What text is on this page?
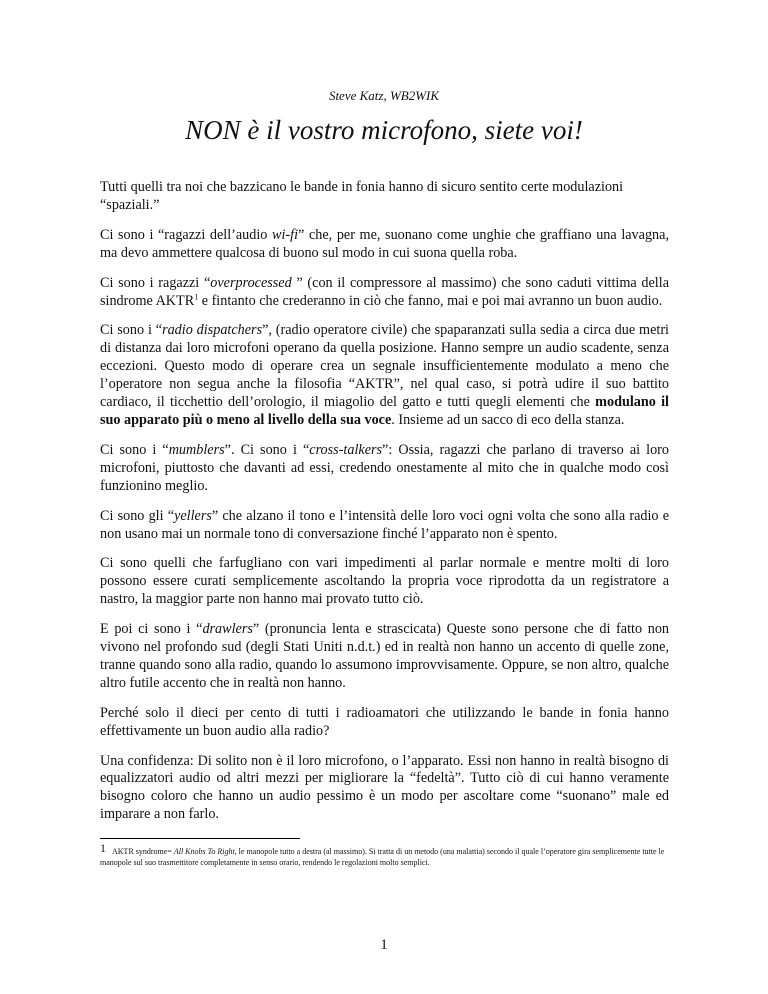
Steve Katz, WB2WIK
NON è il vostro microfono, siete voi!

Tutti quelli tra noi che bazzicano le bande in fonia hanno di sicuro sentito certe modulazioni “spaziali.”

Ci sono i “ragazzi dell’audio wi-fi” che, per me, suonano come unghie che graffiano una lavagna, ma devo ammettere qualcosa di buono sul modo in cui suona quella roba.

Ci sono i ragazzi “overprocessed ” (con il compressore al massimo) che sono caduti vittima della sindrome AKTR$^1$ e fintanto che crederanno in ciò che fanno, mai e poi mai avranno un buon audio.

Ci sono i “radio dispatchers”, (radio operatore civile) che spaparanzati sulla sedia a circa due metri di distanza dai loro microfoni operano da quella posizione. Hanno sempre un audio scadente, senza eccezioni. Questo modo di operare crea un segnale insufficientemente modulato a meno che l’operatore non segua anche la filosofia “AKTR”, nel qual caso, si potrà udire il suo battito cardiaco, il ticchettio dell’orologio, il miagolio del gatto e tutti quegli elementi che modulano il suo apparato più o meno al livello della sua voce. Insieme ad un sacco di eco della stanza.

Ci sono i “mumblers”. Ci sono i “cross-talkers”: Ossia, ragazzi che parlano di traverso ai loro microfoni, piuttosto che davanti ad essi, credendo onestamente al mito che in qualche modo così funzionino meglio.

Ci sono gli “yellers” che alzano il tono e l’intensità delle loro voci ogni volta che sono alla radio e non usano mai un normale tono di conversazione finché l’apparato non è spento.

Ci sono quelli che farfugliano con vari impedimenti al parlar normale e mentre molti di loro possono essere curati semplicemente ascoltando la propria voce riprodotta da un registratore a nastro, la maggior parte non hanno mai provato tutto ciò.

E poi ci sono i “drawlers” (pronuncia lenta e strascicata) Queste sono persone che di fatto non vivono nel profondo sud (degli Stati Uniti n.d.t.) ed in realtà non hanno un accento di quelle zone, tranne quando sono alla radio, quando lo assumono improvvisamente. Oppure, se non altro, qualche altro futile accento che in realtà non hanno.

Perché solo il dieci per cento di tutti i radioamatori che utilizzando le bande in fonia hanno effettivamente un buon audio alla radio?

Una confidenza: Di solito non è il loro microfono, o l’apparato. Essi non hanno in realtà bisogno di equalizzatori audio od altri mezzi per migliorare la “fedeltà”. Tutto ciò di cui hanno veramente bisogno coloro che hanno un audio pessimo è un modo per ascoltare come “suonano” male ed imparare a non farlo.

1 AKTR syndrome= All Knobs To Right, le manopole tutto a destra (al massimo). Si tratta di un metodo (una malattia) secondo il quale l’operatore gira semplicemente tutte le manopole sul suo trasmettitore completamente in senso orario, rendendo le regolazioni molto semplici.
1
